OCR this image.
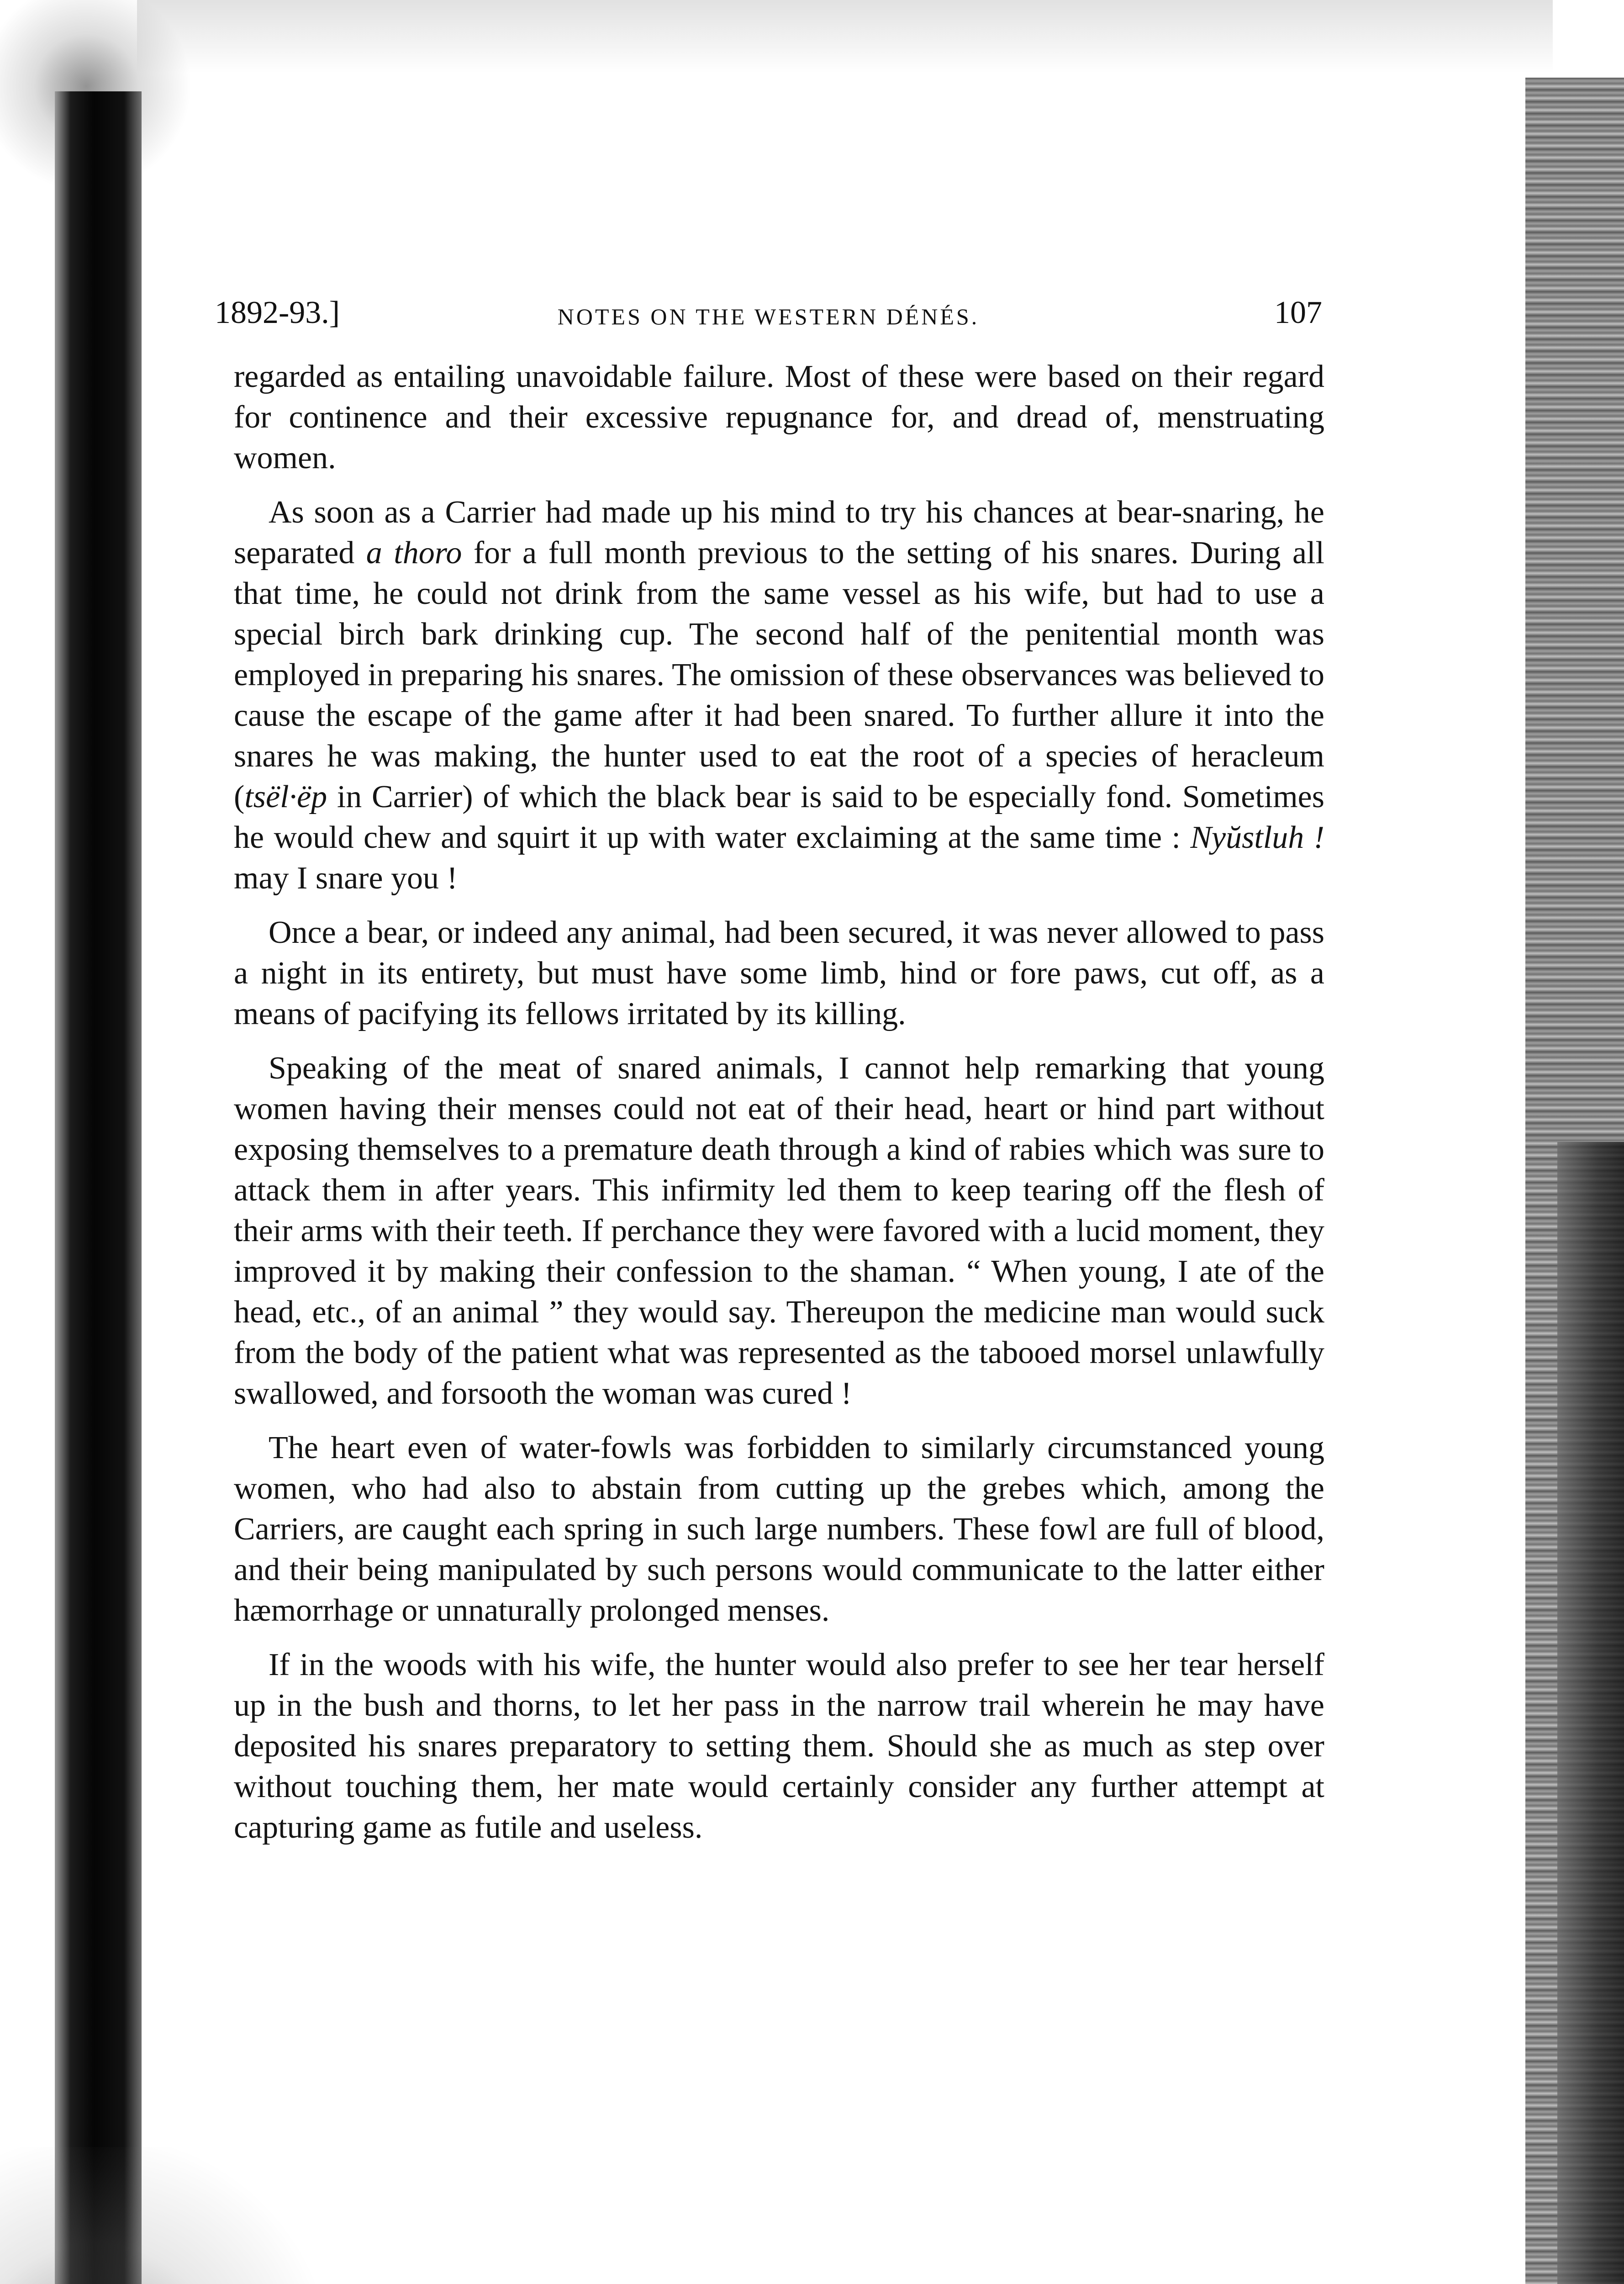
1892-93.]	NOTES ON THE WESTERN DÉNÉS.	107

regarded as entailing unavoidable failure. Most of these were based on their regard for continence and their excessive repugnance for, and dread of, menstruating women.

As soon as a Carrier had made up his mind to try his chances at bear-snaring, he separated a thoro for a full month previous to the setting of his snares. During all that time, he could not drink from the same vessel as his wife, but had to use a special birch bark drinking cup. The second half of the penitential month was employed in preparing his snares. The omission of these observances was believed to cause the escape of the game after it had been snared. To further allure it into the snares he was making, the hunter used to eat the root of a species of heracleum (tsël·ëp in Carrier) of which the black bear is said to be especially fond. Sometimes he would chew and squirt it up with water exclaiming at the same time : Nyŭstluh ! may I snare you !

Once a bear, or indeed any animal, had been secured, it was never allowed to pass a night in its entirety, but must have some limb, hind or fore paws, cut off, as a means of pacifying its fellows irritated by its killing.

Speaking of the meat of snared animals, I cannot help remarking that young women having their menses could not eat of their head, heart or hind part without exposing themselves to a premature death through a kind of rabies which was sure to attack them in after years. This infirmity led them to keep tearing off the flesh of their arms with their teeth. If perchance they were favored with a lucid moment, they improved it by making their confession to the shaman. “ When young, I ate of the head, etc., of an animal ” they would say. Thereupon the medicine man would suck from the body of the patient what was represented as the tabooed morsel unlawfully swallowed, and forsooth the woman was cured !

The heart even of water-fowls was forbidden to similarly circumstanced young women, who had also to abstain from cutting up the grebes which, among the Carriers, are caught each spring in such large numbers. These fowl are full of blood, and their being manipulated by such persons would communicate to the latter either hæmorrhage or unnaturally prolonged menses.

If in the woods with his wife, the hunter would also prefer to see her tear herself up in the bush and thorns, to let her pass in the narrow trail wherein he may have deposited his snares preparatory to setting them. Should she as much as step over without touching them, her mate would certainly consider any further attempt at capturing game as futile and useless.
